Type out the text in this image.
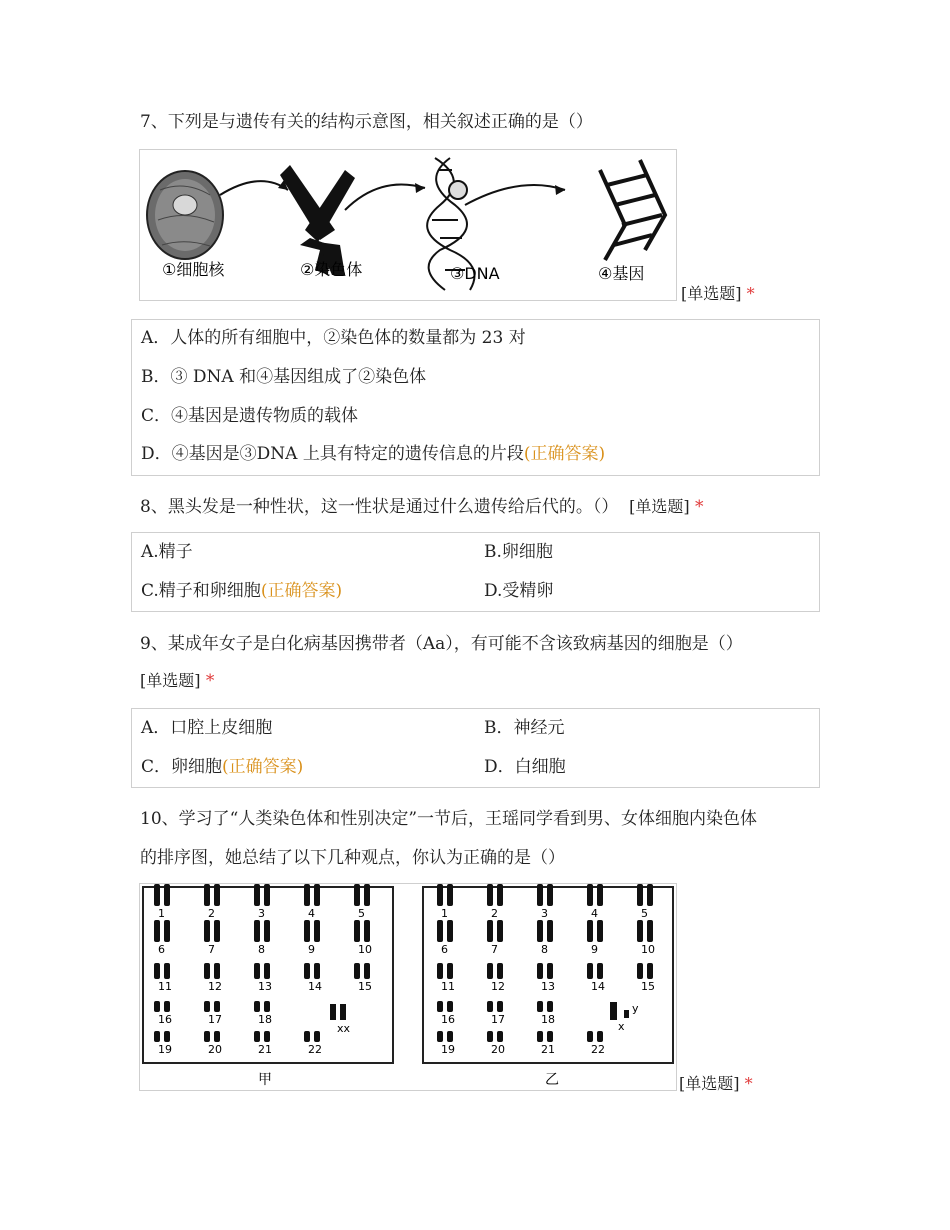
7、下列是与遗传有关的结构示意图，相关叙述正确的是（）
①细胞核	②染色体	③DNA	④基因
[单选题] *
A．人体的所有细胞中，②染色体的数量都为 23 对
B．③ DNA 和④基因组成了②染色体
C．④基因是遗传物质的载体
D．④基因是③DNA 上具有特定的遗传信息的片段(正确答案)
8、黑头发是一种性状，这一性状是通过什么遗传给后代的。（） [单选题] *
A.精子	B.卵细胞
C.精子和卵细胞(正确答案)	D.受精卵
9、某成年女子是白化病基因携带者（Aa），有可能不含该致病基因的细胞是（）
[单选题] *
A．口腔上皮细胞	B．神经元
C．卵细胞(正确答案)	D．白细胞
10、学习了“人类染色体和性别决定”一节后，王瑶同学看到男、女体细胞内染色体
的排序图，她总结了以下几种观点，你认为正确的是（）
甲	乙
1	2	3	4	5
6	7	8	9	10
11	12	13	14	15
16	17	18
19	20	21	22
1	2	3	4	5
6	7	8	9	10
11	12	13	14	15
16	17	18
19	20	21	22
xx	x
y
[单选题] *
